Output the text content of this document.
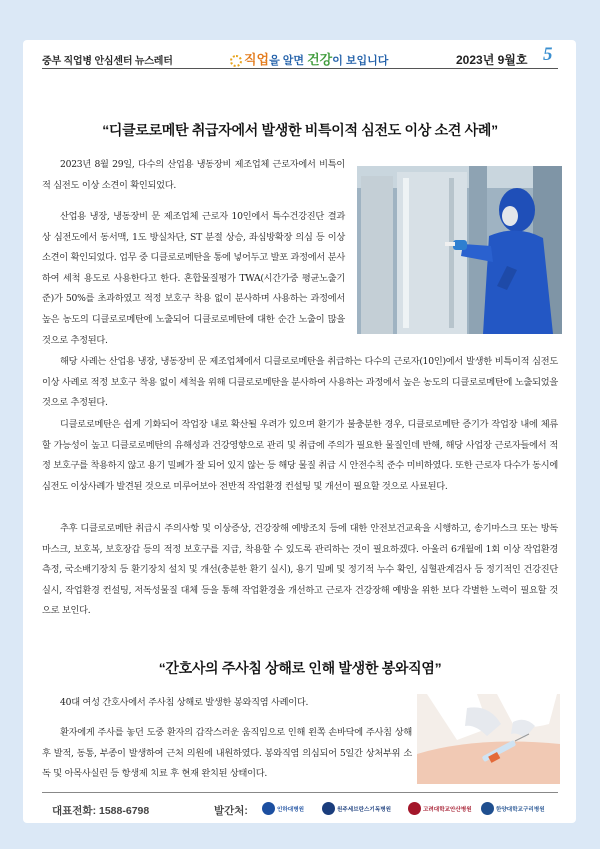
중부 직업병 안심센터 뉴스레터	직업을 알면 건강이 보입니다	2023년 9월호 5
“디클로로메탄 취급자에서 발생한 비특이적 심전도 이상 소견 사례”

2023년 8월 29일, 다수의 산업용 냉동장비 제조업체 근로자에서 비특이적 심전도 이상 소견이 확인되었다.

산업용 냉장, 냉동장비 문 제조업체 근로자 10인에서 특수건강진단 결과상 심전도에서 동서맥, 1도 방실차단, ST 분절 상승, 좌심방확장 의심 등 이상소견이 확인되었다. 업무 중 디클로로메탄을 통에 넣어두고 발포 과정에서 분사하여 세척 용도로 사용한다고 한다. 혼합물질평가 TWA(시간가중 평균노출기준)가 50%를 초과하였고 적정 보호구 착용 없이 분사하며 사용하는 과정에서 높은 농도의 디클로로메탄에 노출되어 디클로로메탄에 대한 순간 노출이 많을 것으로 추정된다.

해당 사례는 산업용 냉장, 냉동장비 문 제조업체에서 디클로로메탄을 취급하는 다수의 근로자(10인)에서 발생한 비특이적 심전도 이상 사례로 적정 보호구 착용 없이 세척을 위해 디클로로메탄을 분사하여 사용하는 과정에서 높은 농도의 디클로로메탄에 노출되었을 것으로 추정된다.

디클로로메탄은 쉽게 기화되어 작업장 내로 확산될 우려가 있으며 환기가 불충분한 경우, 디클로로메탄 증기가 작업장 내에 체류할 가능성이 높고 디클로로메탄의 유해성과 건강영향으로 관리 및 취급에 주의가 필요한 물질인데 반해, 해당 사업장 근로자들에서 적정 보호구를 착용하지 않고 용기 밀폐가 잘 되어 있지 않는 등 해당 물질 취급 시 안전수칙 준수 미비하였다. 또한 근로자 다수가 동시에 심전도 이상사례가 발견된 것으로 미루어보아 전반적 작업환경 컨설팅 및 개선이 필요할 것으로 사료된다.

추후 디클로로메탄 취급시 주의사항 및 이상증상, 건강장해 예방조치 등에 대한 안전보건교육을 시행하고, 송기마스크 또는 방독마스크, 보호복, 보호장갑 등의 적정 보호구를 지급, 착용할 수 있도록 관리하는 것이 필요하겠다. 아울러 6개월에 1회 이상 작업환경 측정, 국소배기장치 등 환기장치 설치 및 개선(충분한 환기 실시), 용기 밀폐 및 정기적 누수 확인, 심혈관계검사 등 정기적인 건강진단 실시, 작업환경 컨설팅, 저독성물질 대체 등을 통해 작업환경을 개선하고 근로자 건강장해 예방을 위한 보다 각별한 노력이 필요할 것으로 보인다.

“간호사의 주사침 상해로 인해 발생한 봉와직염”

40대 여성 간호사에서 주사침 상해로 발생한 봉와직염 사례이다.

환자에게 주사를 놓던 도중 환자의 갑작스러운 움직임으로 인해 왼쪽 손바닥에 주사침 상해 후 발적, 동통, 부종이 발생하여 근처 의원에 내원하였다. 봉와직염 의심되어 5일간 상처부위 소독 및 아목사실린 등 항생제 치료 후 현재 완치된 상태이다.

대표전화: 1588-6798	발간처:	인하대병원	원주세브란스기독병원	고려대학교안산병원	한양대학교구리병원
